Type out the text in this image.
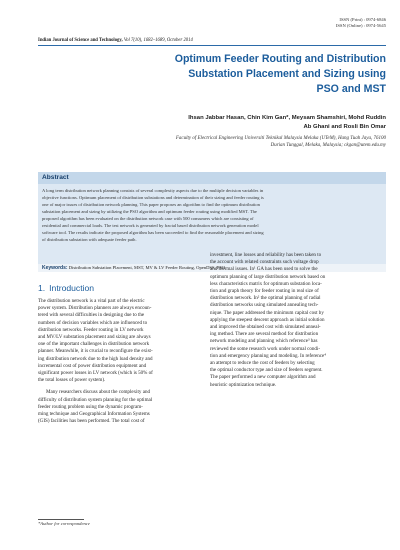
ISSN (Print) : 0974-6846
ISSN (Online) : 0974-5645
Indian Journal of Science and Technology, Vol 7(10), 1682–1689, October 2014
Optimum Feeder Routing and Distribution
Substation Placement and Sizing using
PSO and MST
Ihsan Jabbar Hasan, Chin Kim Gan*, Meysam Shamshiri, Mohd Ruddin
Ab Ghani and Rosli Bin Omar
Faculty of Electrical Engineering Universiti Teknikal Malaysia Melaka (UTeM), Hang Tuah Jaya, 76100
Durian Tunggal, Melaka, Malaysia; ckgan@utem.edu.my
Abstract
A long term distribution network planning consists of several complexity aspects due to the multiple decision variables in
objective functions. Optimum placement of distribution substations and determination of their sizing and feeder routing is
one of major issues of distribution network planning. This paper proposes an algorithm to find the optimum distribution
substation placement and sizing by utilizing the PSO algorithm and optimum feeder routing using modified MST. The
proposed algorithm has been evaluated on the distribution network case with 500 consumers which are consisting of
residential and commercial loads. The test network is generated by fractal based distribution network generation model
software tool. The results indicate the proposed algorithm has been succeeded to find the reasonable placement and sizing
of distribution substation with adequate feeder path.
Keywords: Distribution Substation Placement, MST, MV & LV Feeder Routing, OpenDSS, PSO
1. Introduction
The distribution network is a vital part of the electric
power system. Distribution planners are always encoun-
tered with several difficulties in designing due to the
numbers of decision variables which are influenced to
distribution networks. Feeder routing in LV network
and MV/LV substation placement and sizing are always
one of the important challenges in distribution network
planner. Meanwhile, it is crucial to reconfigure the exist-
ing distribution network due to the high load density and
incremental cost of power distribution equipment and
significant power losses in LV network (which is 50% of
the total losses of power system).
Many researchers discuss about the complexity and
difficulty of distribution system planning for the optimal
feeder routing problem using the dynamic program-
ming technique and Geographical Information Systems
(GIS) facilities has been performed. The total cost of
investment, line losses and reliability has been taken to
the account with related constraints such voltage drop
and thermal issues. In¹ GA has been used to solve the
optimum planning of large distribution network based on
less characteristics matrix for optimum substation loca-
tion and graph theory for feeder routing in real size of
distribution network. In² the optimal planning of radial
distribution networks using simulated annealing tech-
nique. The paper addressed the minimum capital cost by
applying the steepest descent approach as initial solution
and improved the obtained cost with simulated anneal-
ing method. There are several method for distribution
network modeling and planning which reference³ has
reviewed the some research work under normal condi-
tion and emergency planning and modeling. In reference⁴
an attempt to reduce the cost of feeders by selecting
the optimal conductor type and size of feeders segment.
The paper performed a new computer algorithm and
heuristic optimization technique.
*Author for correspondence
